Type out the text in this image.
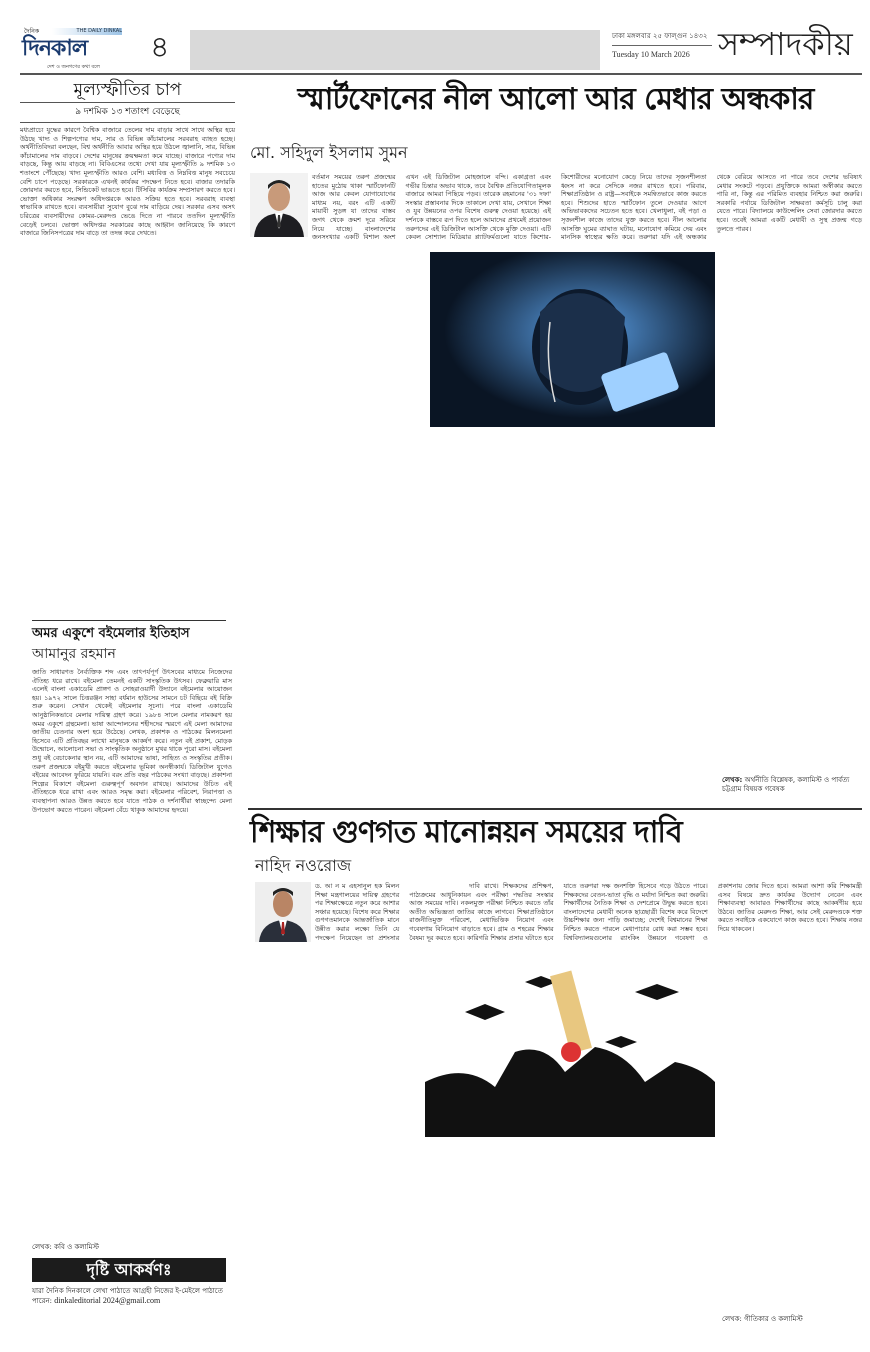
দৈনিক	THE DAILY DINKAL
দিনকাল
দেশ ও জনগণের কথা বলে
৪	ঢাকা মঙ্গলবার ২৫ ফাল্গুন ১৪৩২
Tuesday 10 March 2026 সম্পাদকীয়
মূল্যস্ফীতির চাপ
৯ দশমিক ১৩ শতাংশ বেড়েছে
মধ্যপ্রাচ্যে যুদ্ধের কারণে বৈশ্বিক বাজারে তেলের দাম বাড়ার সাথে সাথে অস্থির হয়ে উঠছে খাদ্য ও শিল্পপণ্যের দাম, সার ও বিভিন্ন কাঁচামালের সরবরাহ ব্যাহত হচ্ছে। অর্থনীতিবিদরা বলছেন, বিশ্ব অর্থনীতি আবার অস্থির হয়ে উঠলে জ্বালানি, সার, বিভিন্ন কাঁচামালের দাম বাড়বে। দেশের মানুষের ক্রয়ক্ষমতা কমে যাচ্ছে। বাজারে পণ্যের দাম বাড়ছে, কিন্তু আয় বাড়ছে না। বিবিএসের তথ্যে দেখা যায় মূল্যস্ফীতি ৯ দশমিক ১৩ শতাংশে পৌঁছেছে। খাদ্য মূল্যস্ফীতি আরও বেশি। মধ্যবিত্ত ও নিম্নবিত্ত মানুষ সবচেয়ে বেশি চাপে পড়েছে। সরকারকে এখনই কার্যকর পদক্ষেপ নিতে হবে। বাজার তদারকি জোরদার করতে হবে, সিন্ডিকেট ভাঙতে হবে। টিসিবির কার্যক্রম সম্প্রসারণ করতে হবে। ভোক্তা অধিকার সংরক্ষণ অধিদপ্তরকে আরও সক্রিয় হতে হবে। সরবরাহ ব্যবস্থা স্বাভাবিক রাখতে হবে। ব্যবসায়ীরা সুযোগ বুঝে দাম বাড়িয়ে দেয়। সরকার এসব অসৎ চরিত্রের ব্যবসায়ীদের কোমর-মেরুদণ্ড ভেঙে দিতে না পারবে ততদিন মূল্যস্ফীতি বেড়েই চলবে। ভোক্তা অধিদপ্তর সরকারের কাছে আহ্বান জানিয়েছে কি কারণে বাজারে জিনিসপত্রের দাম বাড়ে তা তদন্ত করে দেখতে।
অমর একুশে বইমেলার ইতিহাস
আমানুর রহমান
জাতি সাধারণত নৈর্ব্যক্তিক শব্দ এবং তাৎপর্যপূর্ণ উৎসবের মাধ্যমে নিজেদের ঐতিহ্য ধরে রাখে। বইমেলা তেমনই একটি সাংস্কৃতিক উৎসব। ফেব্রুয়ারি মাস এলেই বাংলা একাডেমি প্রাঙ্গণ ও সোহরাওয়ার্দী উদ্যানে বইমেলার আয়োজন হয়। ১৯৭২ সালে চিত্তরঞ্জন সাহা বর্ধমান হাউসের সামনে চট বিছিয়ে বই বিক্রি শুরু করেন। সেখান থেকেই বইমেলার সূচনা। পরে বাংলা একাডেমি আনুষ্ঠানিকভাবে মেলার দায়িত্ব গ্রহণ করে। ১৯৮৪ সালে মেলার নামকরণ হয় অমর একুশে গ্রন্থমেলা। ভাষা আন্দোলনের শহীদদের স্মরণে এই মেলা আমাদের জাতীয় চেতনার অংশ হয়ে উঠেছে। লেখক, প্রকাশক ও পাঠকের মিলনমেলা হিসেবে এটি প্রতিবছর লাখো মানুষকে আকর্ষণ করে। নতুন বই প্রকাশ, মোড়ক উন্মোচন, আলোচনা সভা ও সাংস্কৃতিক অনুষ্ঠানে মুখর থাকে পুরো মাস। বইমেলা শুধু বই বেচাকেনার স্থান নয়, এটি আমাদের ভাষা, সাহিত্য ও সংস্কৃতির প্রতীক। তরুণ প্রজন্মকে বইমুখী করতে বইমেলার ভূমিকা অনস্বীকার্য। ডিজিটাল যুগেও বইয়ের আবেদন ফুরিয়ে যায়নি। বরং প্রতি বছর পাঠকের সংখ্যা বাড়ছে। প্রকাশনা শিল্পের বিকাশে বইমেলা গুরুত্বপূর্ণ অবদান রাখছে। আমাদের উচিত এই ঐতিহ্যকে ধরে রাখা এবং আরও সমৃদ্ধ করা। বইমেলার পরিবেশ, নিরাপত্তা ও ব্যবস্থাপনা আরও উন্নত করতে হবে যাতে পাঠক ও দর্শনার্থীরা স্বাচ্ছন্দ্যে মেলা উপভোগ করতে পারেন। বইমেলা বেঁচে থাকুক আমাদের হৃদয়ে।
লেখক: কবি ও কলামিস্ট
দৃষ্টি আকর্ষণঃ
যারা দৈনিক দিনকালে লেখা পাঠাতে আগ্রহী নিজের ই-মেইলে পাঠাতে পারেন: dinkaleditorial 2024@gmail.com
স্মার্টফোনের নীল আলো আর মেধার অন্ধকার
মো. সহিদুল ইসলাম সুমন
বর্তমান সময়ের তরুণ প্রজন্মের হাতের মুঠোয় থাকা স্মার্টফোনটি আজ আর কেবল যোগাযোগের মাধ্যম নয়, বরং এটি একটি মায়াবী সুড়ঙ্গ যা তাদের বাস্তব জগৎ থেকে ক্রমশ দূরে সরিয়ে নিয়ে যাচ্ছে। বাংলাদেশের জনসংখ্যার একটি বিশাল অংশ এখন এই ডিজিটাল মোহজালে বন্দি। একাগ্রতা এবং গভীর চিন্তার অভাব থাকে, তবে বৈশ্বিক প্রতিযোগিতামূলক বাজারে আমরা পিছিয়ে পড়ব। তারেক রহমানের '৩১ দফা' সংস্কার প্রস্তাবনার দিকে তাকালে দেখা যায়, সেখানে শিক্ষা ও যুব উন্নয়নের ওপর বিশেষ গুরুত্ব দেওয়া হয়েছে। এই দর্শনকে বাস্তবে রূপ দিতে হলে আমাদের প্রথমেই প্রয়োজন তরুণদের এই ডিজিটাল আসক্তি থেকে মুক্তি দেওয়া। এটি কেবল সোশ্যাল মিডিয়ার প্ল্যাটফর্মগুলো যাতে কিশোর-কিশোরীদের মনোযোগ কেড়ে নিয়ে তাদের সৃজনশীলতা ধ্বংস না করে সেদিকে নজর রাখতে হবে। পরিবার, শিক্ষাপ্রতিষ্ঠান ও রাষ্ট্র—সবাইকে সমন্বিতভাবে কাজ করতে হবে। শিশুদের হাতে স্মার্টফোন তুলে দেওয়ার আগে অভিভাবকদের সচেতন হতে হবে। খেলাধুলা, বই পড়া ও সৃজনশীল কাজে তাদের যুক্ত করতে হবে। নীল আলোর আসক্তি ঘুমের ব্যাঘাত ঘটায়, মনোযোগ কমিয়ে দেয় এবং মানসিক স্বাস্থ্যের ক্ষতি করে। তরুণরা যদি এই অন্ধকার থেকে বেরিয়ে আসতে না পারে তবে দেশের ভবিষ্যৎ মেধার সংকটে পড়বে। প্রযুক্তিকে আমরা অস্বীকার করতে পারি না, কিন্তু এর পরিমিত ব্যবহার নিশ্চিত করা জরুরি। সরকারি পর্যায়ে ডিজিটাল সাক্ষরতা কর্মসূচি চালু করা যেতে পারে। বিদ্যালয়ে কাউন্সেলিং সেবা জোরদার করতে হবে। তবেই আমরা একটি মেধাবী ও সুস্থ প্রজন্ম গড়ে তুলতে পারব।
লেখক: অর্থনীতি বিশ্লেষক, কলামিস্ট ও পার্বত্য চট্টগ্রাম বিষয়ক গবেষক
শিক্ষার গুণগত মানোন্নয়ন সময়ের দাবি
নাহিদ নওরোজ
ড. আ ন ম এহসানুল হক মিলন শিক্ষা মন্ত্রণালয়ের দায়িত্ব গ্রহণের পর শিক্ষাক্ষেত্রে নতুন করে আশার সঞ্চার হয়েছে। বিশেষ করে শিক্ষার গুণগতমানকে আন্তর্জাতিক মানে উন্নীত করার লক্ষ্যে তিনি যে পদক্ষেপ নিয়েছেন তা প্রশংসার দাবি রাখে। শিক্ষকদের প্রশিক্ষণ, পাঠ্যক্রমের আধুনিকায়ন এবং পরীক্ষা পদ্ধতির সংস্কার আজ সময়ের দাবি। নকলমুক্ত পরীক্ষা নিশ্চিত করতে তাঁর অতীত অভিজ্ঞতা জাতির কাজে লাগবে। শিক্ষাপ্রতিষ্ঠানে রাজনীতিমুক্ত পরিবেশ, মেধাভিত্তিক নিয়োগ এবং গবেষণায় বিনিয়োগ বাড়াতে হবে। গ্রাম ও শহরের শিক্ষার বৈষম্য দূর করতে হবে। কারিগরি শিক্ষার প্রসার ঘটাতে হবে যাতে তরুণরা দক্ষ জনশক্তি হিসেবে গড়ে উঠতে পারে। শিক্ষকদের বেতন-ভাতা বৃদ্ধি ও মর্যাদা নিশ্চিত করা জরুরি। শিক্ষার্থীদের নৈতিক শিক্ষা ও দেশপ্রেমে উদ্বুদ্ধ করতে হবে। বাংলাদেশের মেধাবী অনেক ছাত্রছাত্রী বিশেষ করে বিদেশে উচ্চশিক্ষার জন্য পাড়ি জমাচ্ছে; দেশেই বিশ্বমানের শিক্ষা নিশ্চিত করতে পারলে মেধাপাচার রোধ করা সম্ভব হবে। বিশ্ববিদ্যালয়গুলোর র‍্যাংকিং উন্নয়নে গবেষণা ও প্রকাশনায় জোর দিতে হবে। আমরা আশা করি শিক্ষামন্ত্রী এসব বিষয়ে দ্রুত কার্যকর উদ্যোগ নেবেন এবং শিক্ষাব্যবস্থা আবারও শিক্ষার্থীদের কাছে আকর্ষণীয় হয়ে উঠবে। জাতির মেরুদণ্ড শিক্ষা, আর সেই মেরুদণ্ডকে শক্ত করতে সবাইকে একযোগে কাজ করতে হবে। শিক্ষায় নজর দিয়ে থাকবেন।
লেখক: গীতিকার ও কলামিস্ট
